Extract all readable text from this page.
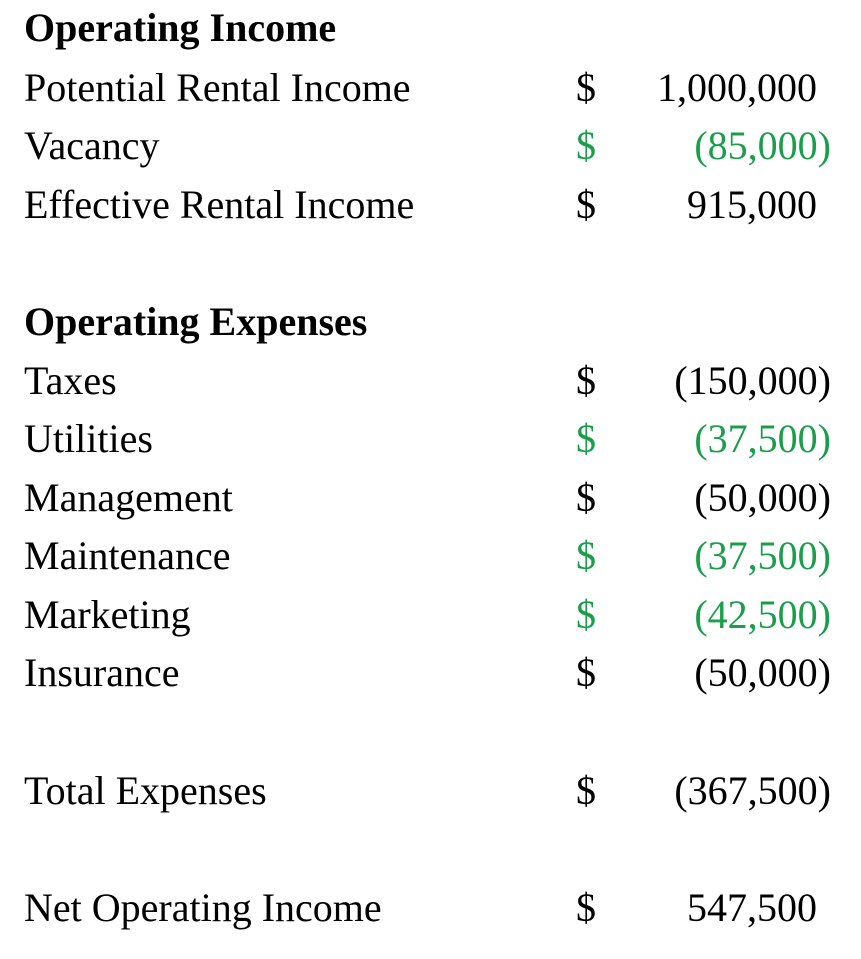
Operating Income
Potential Rental Income	$ 1,000,000
Vacancy	$ (85,000)
Effective Rental Income	$ 915,000
Operating Expenses
Taxes	$ (150,000)
Utilities	$ (37,500)
Management	$ (50,000)
Maintenance	$ (37,500)
Marketing	$ (42,500)
Insurance	$ (50,000)
Total Expenses	$ (367,500)
Net Operating Income	$ 547,500
